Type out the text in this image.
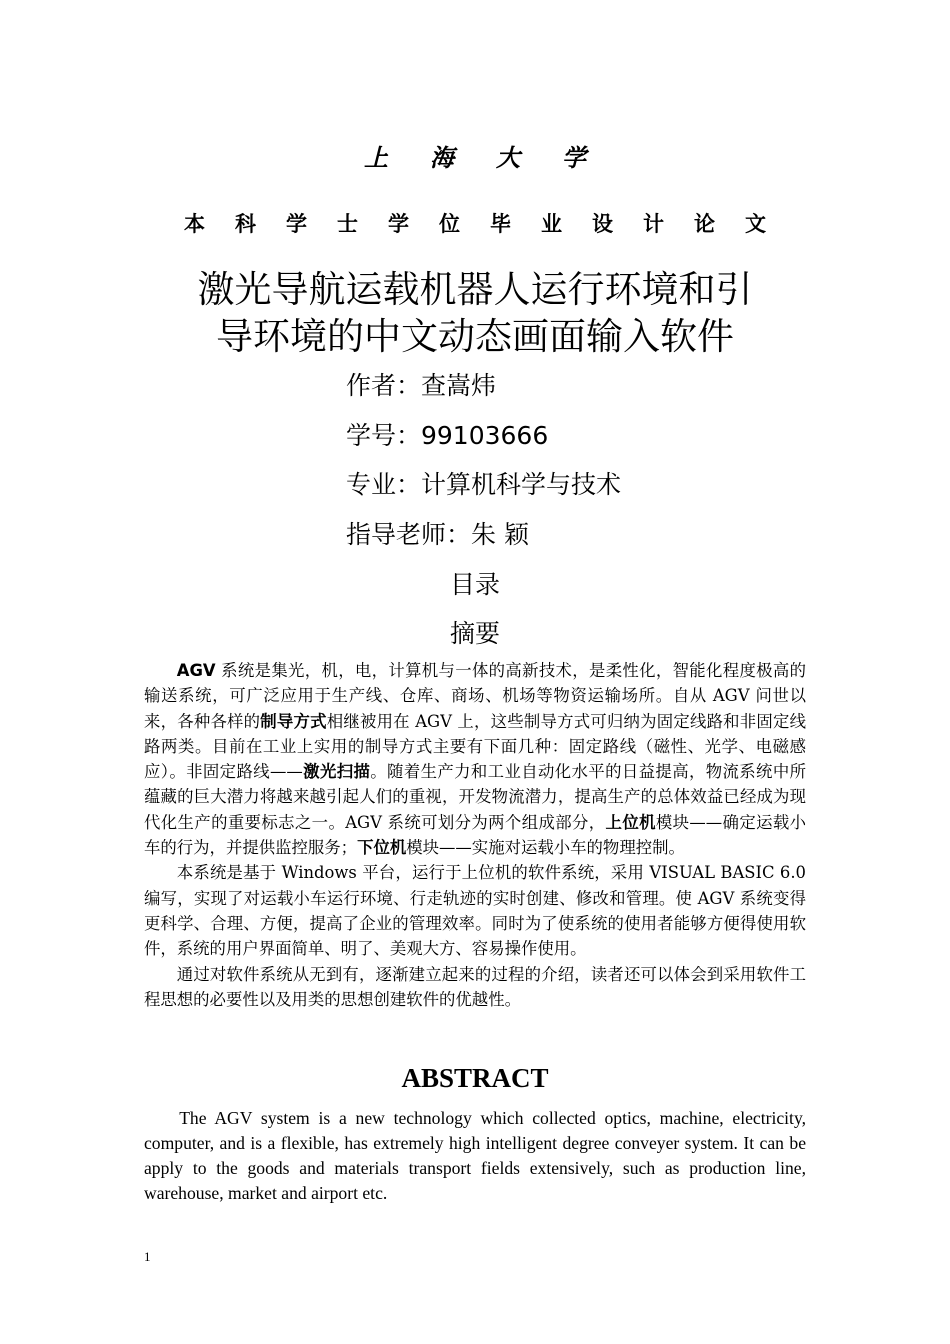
上海大学
本科学士学位毕业设计论文
激光导航运载机器人运行环境和引
导环境的中文动态画面输入软件
作者：查嵩炜
学号：99103666
专业：计算机科学与技术
指导老师：朱 颖
目录
摘要

AGV 系统是集光，机，电，计算机与一体的高新技术，是柔性化，智能化程度极高的输送系统，可广泛应用于生产线、仓库、商场、机场等物资运输场所。自从 AGV 问世以来，各种各样的制导方式相继被用在 AGV 上，这些制导方式可归纳为固定线路和非固定线路两类。目前在工业上实用的制导方式主要有下面几种：固定路线（磁性、光学、电磁感应）。非固定路线——激光扫描。随着生产力和工业自动化水平的日益提高，物流系统中所蕴藏的巨大潜力将越来越引起人们的重视，开发物流潜力，提高生产的总体效益已经成为现代化生产的重要标志之一。AGV 系统可划分为两个组成部分，上位机模块——确定运载小车的行为，并提供监控服务；下位机模块——实施对运载小车的物理控制。

本系统是基于 Windows 平台，运行于上位机的软件系统，采用 VISUAL BASIC 6.0 编写，实现了对运载小车运行环境、行走轨迹的实时创建、修改和管理。使 AGV 系统变得更科学、合理、方便，提高了企业的管理效率。同时为了使系统的使用者能够方便得使用软件，系统的用户界面简单、明了、美观大方、容易操作使用。

通过对软件系统从无到有，逐渐建立起来的过程的介绍，读者还可以体会到采用软件工程思想的必要性以及用类的思想创建软件的优越性。

ABSTRACT

The AGV system is a new technology which collected optics, machine, electricity, computer, and is a flexible, has extremely high intelligent degree conveyer system. It can be apply to the goods and materials transport fields extensively, such as production line, warehouse, market and airport etc.

1
